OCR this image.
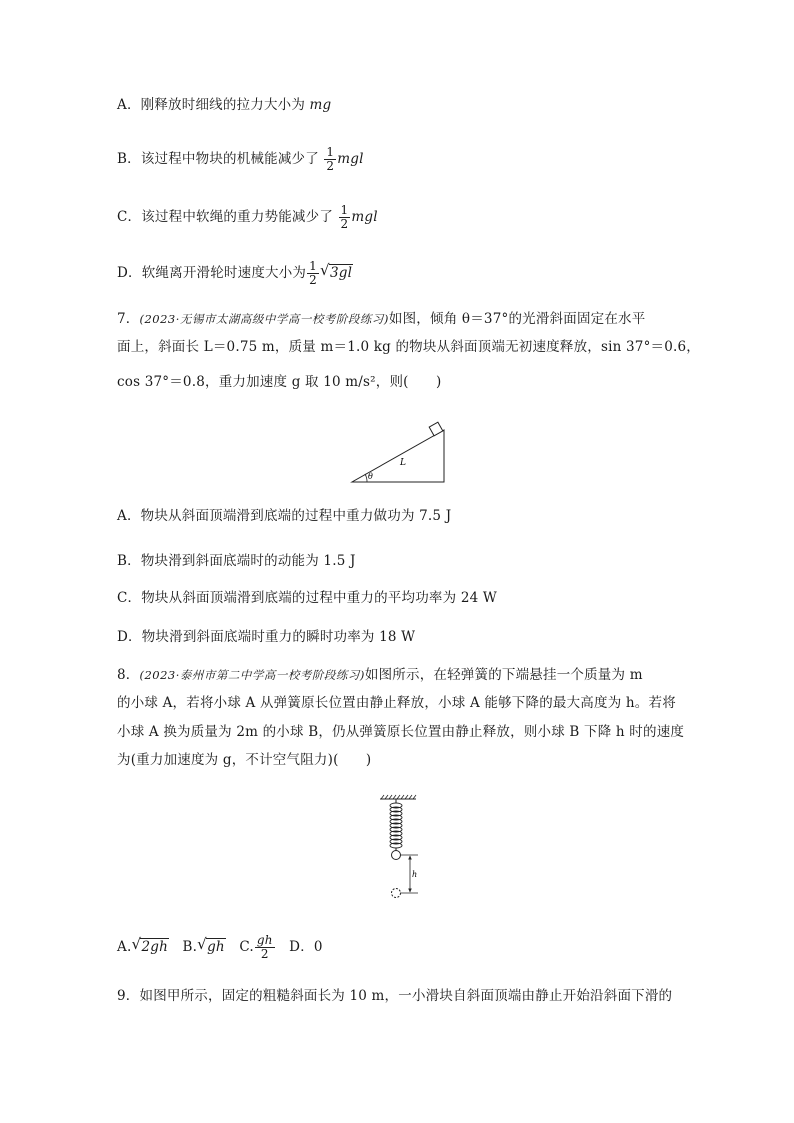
A．刚释放时细线的拉力大小为 mg
B．该过程中物块的机械能减少了 $\frac{1}{2}$ mgl
C．该过程中软绳的重力势能减少了 $\frac{1}{2}$ mgl
D．软绳离开滑轮时速度大小为 $\frac{1}{2}$ √ 3gl
7．(2023·无锡市太湖高级中学高一校考阶段练习)如图，倾角 θ＝37°的光滑斜面固定在水平
面上，斜面长 L＝0.75 m，质量 m＝1.0 kg 的物块从斜面顶端无初速度释放，sin 37°＝0.6，
cos 37°＝0.8，重力加速度 g 取 10 m/s²，则(　　)
θ
L
A．物块从斜面顶端滑到底端的过程中重力做功为 7.5 J
B．物块滑到斜面底端时的动能为 1.5 J
C．物块从斜面顶端滑到底端的过程中重力的平均功率为 24 W
D．物块滑到斜面底端时重力的瞬时功率为 18 W
8．(2023·泰州市第二中学高一校考阶段练习)如图所示，在轻弹簧的下端悬挂一个质量为 m
的小球 A，若将小球 A 从弹簧原长位置由静止释放，小球 A 能够下降的最大高度为 h。若将
小球 A 换为质量为 2m 的小球 B，仍从弹簧原长位置由静止释放，则小球 B 下降 h 时的速度
为(重力加速度为 g，不计空气阻力)(　　)
h
A. √ 2gh B. √ gh C. $\frac{gh}{2}$ D．0
9．如图甲所示，固定的粗糙斜面长为 10 m，一小滑块自斜面顶端由静止开始沿斜面下滑的
